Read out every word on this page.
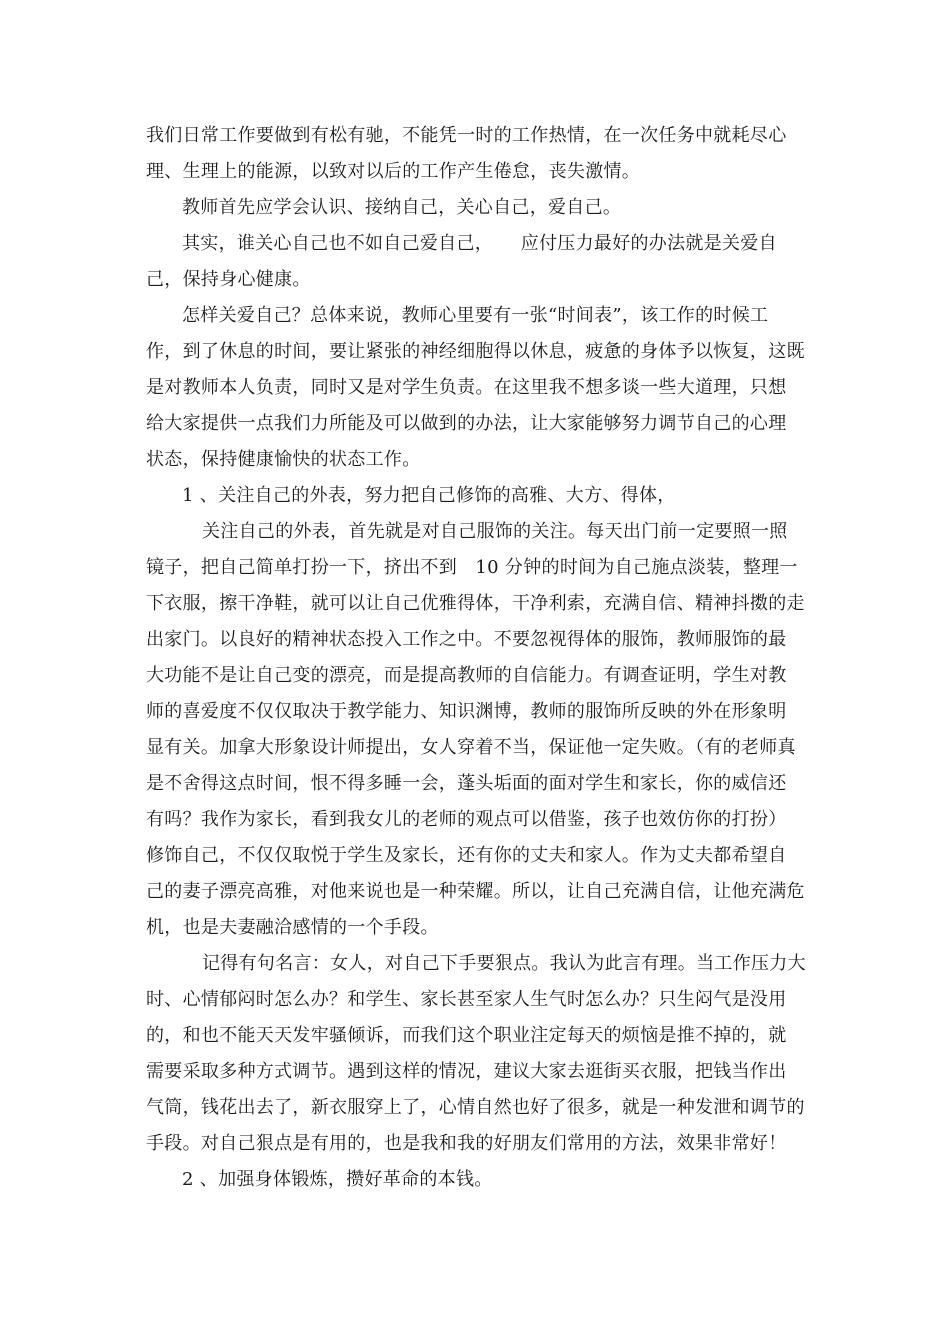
我们日常工作要做到有松有驰，不能凭一时的工作热情，在一次任务中就耗尽心
理、生理上的能源，以致对以后的工作产生倦怠，丧失激情。
教师首先应学会认识、接纳自己，关心自己，爱自己。
其实，谁关心自己也不如自己爱自己，　　应付压力最好的办法就是关爱自
己，保持身心健康。
怎样关爱自己？总体来说，教师心里要有一张“时间表”，该工作的时候工
作，到了休息的时间，要让紧张的神经细胞得以休息，疲惫的身体予以恢复，这既
是对教师本人负责，同时又是对学生负责。在这里我不想多谈一些大道理，只想
给大家提供一点我们力所能及可以做到的办法，让大家能够努力调节自己的心理
状态，保持健康愉快的状态工作。
1 、关注自己的外表，努力把自己修饰的高雅、大方、得体，
关注自己的外表，首先就是对自己服饰的关注。每天出门前一定要照一照
镜子，把自己简单打扮一下，挤出不到　10 分钟的时间为自己施点淡装，整理一
下衣服，擦干净鞋，就可以让自己优雅得体，干净利索，充满自信、精神抖擞的走
出家门。以良好的精神状态投入工作之中。不要忽视得体的服饰，教师服饰的最
大功能不是让自己变的漂亮，而是提高教师的自信能力。有调查证明，学生对教
师的喜爱度不仅仅取决于教学能力、知识渊博，教师的服饰所反映的外在形象明
显有关。加拿大形象设计师提出，女人穿着不当，保证他一定失败。（有的老师真
是不舍得这点时间，恨不得多睡一会，蓬头垢面的面对学生和家长，你的威信还
有吗？我作为家长，看到我女儿的老师的观点可以借鉴，孩子也效仿你的打扮）
修饰自己，不仅仅取悦于学生及家长，还有你的丈夫和家人。作为丈夫都希望自
己的妻子漂亮高雅，对他来说也是一种荣耀。所以，让自己充满自信，让他充满危
机，也是夫妻融洽感情的一个手段。
记得有句名言：女人，对自己下手要狠点。我认为此言有理。当工作压力大
时、心情郁闷时怎么办？和学生、家长甚至家人生气时怎么办？只生闷气是没用
的，和也不能天天发牢骚倾诉，而我们这个职业注定每天的烦恼是推不掉的，就
需要采取多种方式调节。遇到这样的情况，建议大家去逛街买衣服，把钱当作出
气筒，钱花出去了，新衣服穿上了，心情自然也好了很多，就是一种发泄和调节的
手段。对自己狠点是有用的，也是我和我的好朋友们常用的方法，效果非常好！
2 、加强身体锻炼，攒好革命的本钱。
